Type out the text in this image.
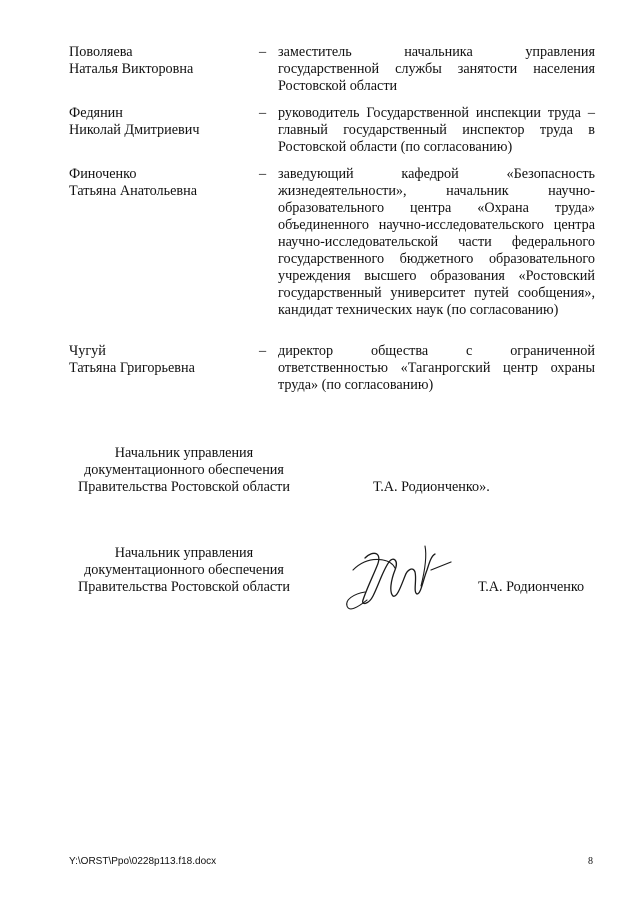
Поволяева
Наталья Викторовна
– заместитель начальника управления государственной службы занятости населения Ростовской области
Федянин
Николай Дмитриевич
– руководитель Государственной инспекции труда – главный государственный инспектор труда в Ростовской области (по согласованию)
Финоченко
Татьяна Анатольевна
– заведующий кафедрой «Безопасность жизнедеятельности», начальник научно-образовательного центра «Охрана труда» объединенного научно-исследовательского центра научно-исследовательской части федерального государственного бюджетного образовательного учреждения высшего образования «Ростовский государственный университет путей сообщения», кандидат технических наук (по согласованию)
Чугуй
Татьяна Григорьевна
– директор общества с ограниченной ответственностью «Таганрогский центр охраны труда» (по согласованию)
Начальник управления
документационного обеспечения
Правительства Ростовской области	Т.А. Родионченко».
Начальник управления
документационного обеспечения
Правительства Ростовской области	Т.А. Родионченко
Y:\ORST\Ppo\0228p113.f18.docx	8
